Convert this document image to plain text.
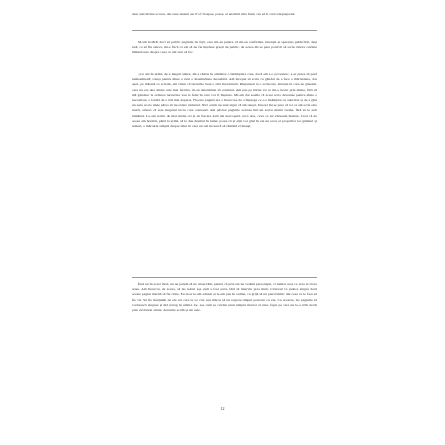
dear and divine access, dar esee desunt ser if of frospee, posse, al enamici mia fund, cas ed li cud ceisquepsobi.

M-am hotărât deci să public paginile de față, care mi-au pentru că mi-au confirmat, intenția și speranța publicării, deși iată, ca să fiu sincer, mi-e frică ca ele să nu fie înțelese greșit de public, de aceea mi se pare potrivit să scriu câteva cuvinte lămuritoare despre ceea ce am vrut să fac.

„Cu ani în urmă, de-a lungul anilor, mi-a rămas în amintire o întâmplare care, dacă am s-o povestesc, s-ar putea să pară neînsemnată; totuși pentru mine a avut o însemnătate deosebită. Am început să scriu cu gândul de a face o mărturisire, dar apoi, pe măsură ce scriam, am văzut că lucrurile luau o altă întorsătură. Răspunsul la o scrisoare, situația în care ne găseam, care nu era una dintre cele mai fericite, m-au determinat să continui. Am pus pe hârtie tot ce mi-a trecut prin minte, fără să mă gândesc la ordinea lucrurilor sau la felul în care vor fi înțelese. Mi-am dat seama că acest scris devenise pentru mine o necesitate, o formă de a trăi mai departe. Fiecare pagină era o încercare de a înțelege ce s-a întâmplat cu adevărat și de a găsi un sens acolo unde părea să nu existe niciunul. Nici acum nu sunt sigur că am reușit. Uneori mi se pare că tot ce am scris este inutil, alteori că este singurul lucru care contează. Am păstrat paginile acestea într-un sertar multă vreme, fără să le arăt nimănui. Le-am recitit de mai multe ori și de fiecare dată am descoperit ceva nou, ceva ce nu văzusem înainte. Cred că de aceea am hotărât, până la urmă, să le dau drumul în lume: poate că și alții vor găsi în ele un ecou al propriilor lor gânduri și temeri, o mărturie simplă despre felul în care un om încearcă să rămână el însuși.

Însă nu în acest mod, nu ne putem să ne observăm, pentru că prin ele nu vedem personajul, ci numai ceea ce vrea el să ne arate. Am încercat, de aceea, să las textul așa cum a fost scris, fără să intervin prea mult. Cititorul va judeca singur dacă aceste pagini merită să fie citite. Eu doar le-am adunat și le-am pus în ordine, cu grijă să nu pierd nimic din ceea ce le face să fie vii. Să fie mulțumit de ele cel care le va citi; sau măcar să nu regrete timpul petrecut cu ele. Cu aceasta, las paginile să vorbească singure și mă retrag în umbra lor, așa cum se cuvine unui simplu martor al unor fapte pe care nu le-a trăit decât prin cuvintele altuia, devenite acum și ale sale.

12
